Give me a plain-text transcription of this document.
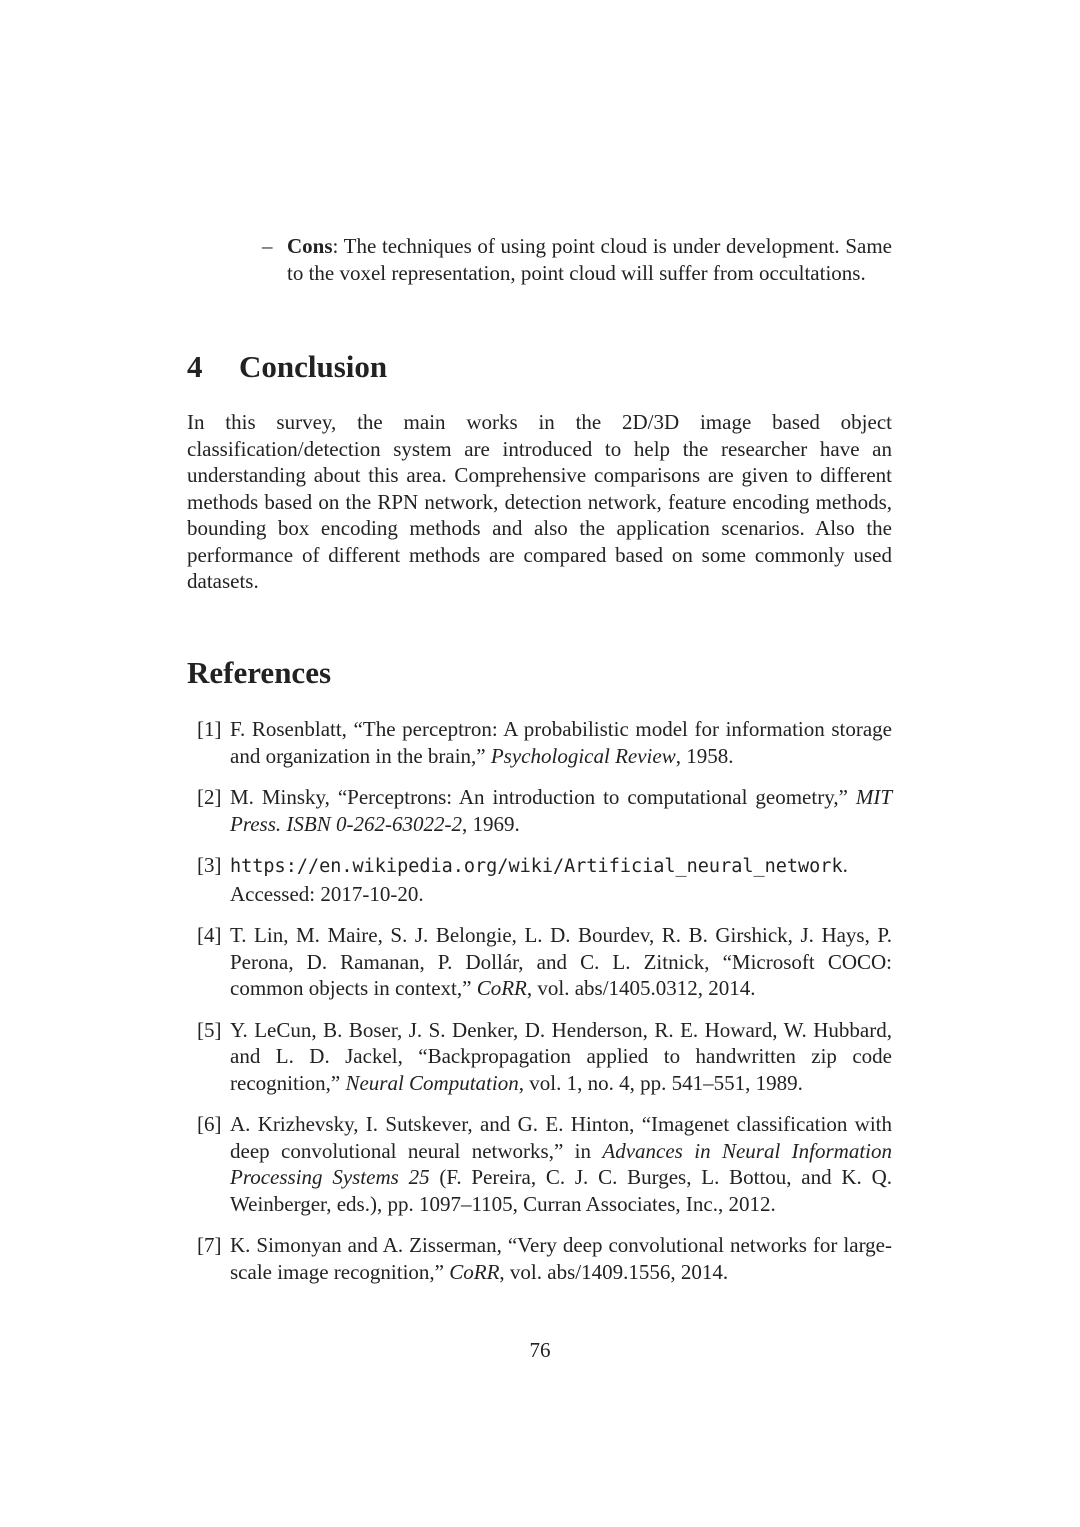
– Cons: The techniques of using point cloud is under development. Same to the voxel representation, point cloud will suffer from occultations.
4 Conclusion

In this survey, the main works in the 2D/3D image based object classification/detection system are introduced to help the researcher have an understanding about this area. Comprehensive comparisons are given to different methods based on the RPN network, detection network, feature encoding methods, bounding box encoding methods and also the application scenarios. Also the performance of different methods are compared based on some commonly used datasets.

References
[1] F. Rosenblatt, “The perceptron: A probabilistic model for information storage and organization in the brain,” Psychological Review, 1958.
[2] M. Minsky, “Perceptrons: An introduction to computational geometry,” MIT Press. ISBN 0-262-63022-2, 1969.
[3] https://en.wikipedia.org/wiki/Artificial_neural_network. Accessed: 2017-10-20.
[4] T. Lin, M. Maire, S. J. Belongie, L. D. Bourdev, R. B. Girshick, J. Hays, P. Perona, D. Ramanan, P. Dollár, and C. L. Zitnick, “Microsoft COCO: common objects in context,” CoRR, vol. abs/1405.0312, 2014.
[5] Y. LeCun, B. Boser, J. S. Denker, D. Henderson, R. E. Howard, W. Hubbard, and L. D. Jackel, “Backpropagation applied to handwritten zip code recognition,” Neural Computation, vol. 1, no. 4, pp. 541–551, 1989.
[6] A. Krizhevsky, I. Sutskever, and G. E. Hinton, “Imagenet classification with deep convolutional neural networks,” in Advances in Neural Information Processing Systems 25 (F. Pereira, C. J. C. Burges, L. Bottou, and K. Q. Weinberger, eds.), pp. 1097–1105, Curran Associates, Inc., 2012.
[7] K. Simonyan and A. Zisserman, “Very deep convolutional networks for large-scale image recognition,” CoRR, vol. abs/1409.1556, 2014.
76
